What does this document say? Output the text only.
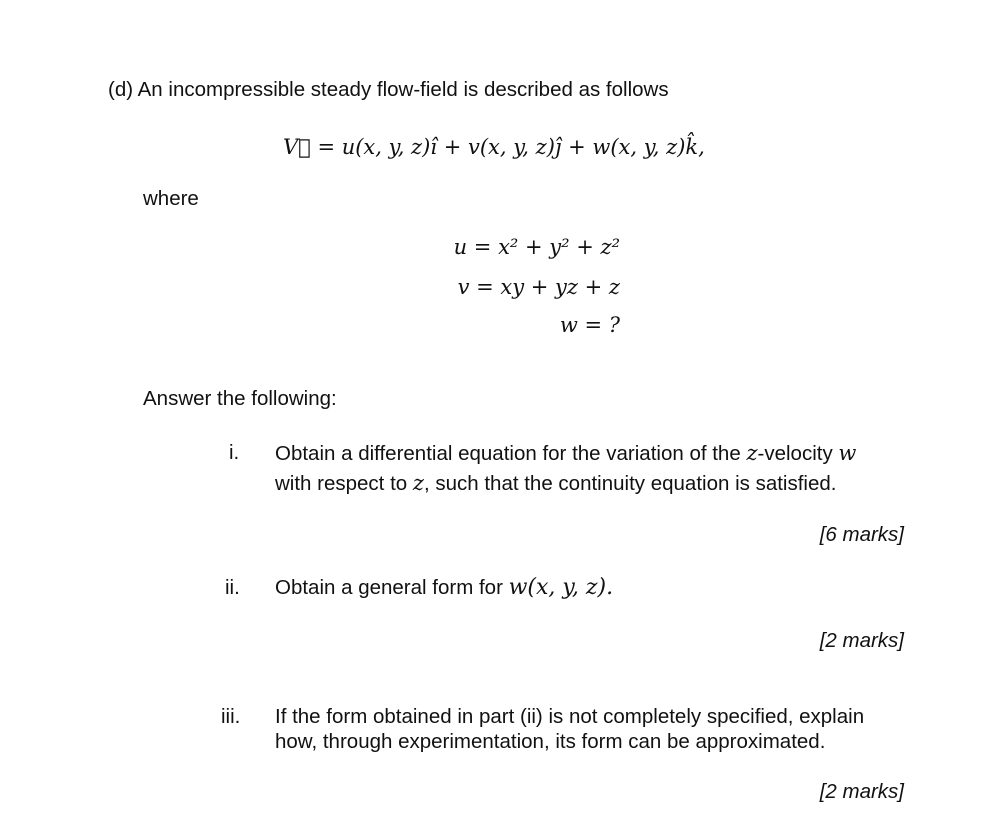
(d) An incompressible steady flow-field is described as follows
V⃗ = u(x, y, z)î + v(x, y, z)ĵ + w(x, y, z)k̂,
where
u = x² + y² + z²
v = xy + yz + z
w = ?
Answer the following:
i. Obtain a differential equation for the variation of the z-velocity w
with respect to z, such that the continuity equation is satisfied.
[6 marks]
ii. Obtain a general form for w(x, y, z).
[2 marks]
iii. If the form obtained in part (ii) is not completely specified, explain
how, through experimentation, its form can be approximated.
[2 marks]
